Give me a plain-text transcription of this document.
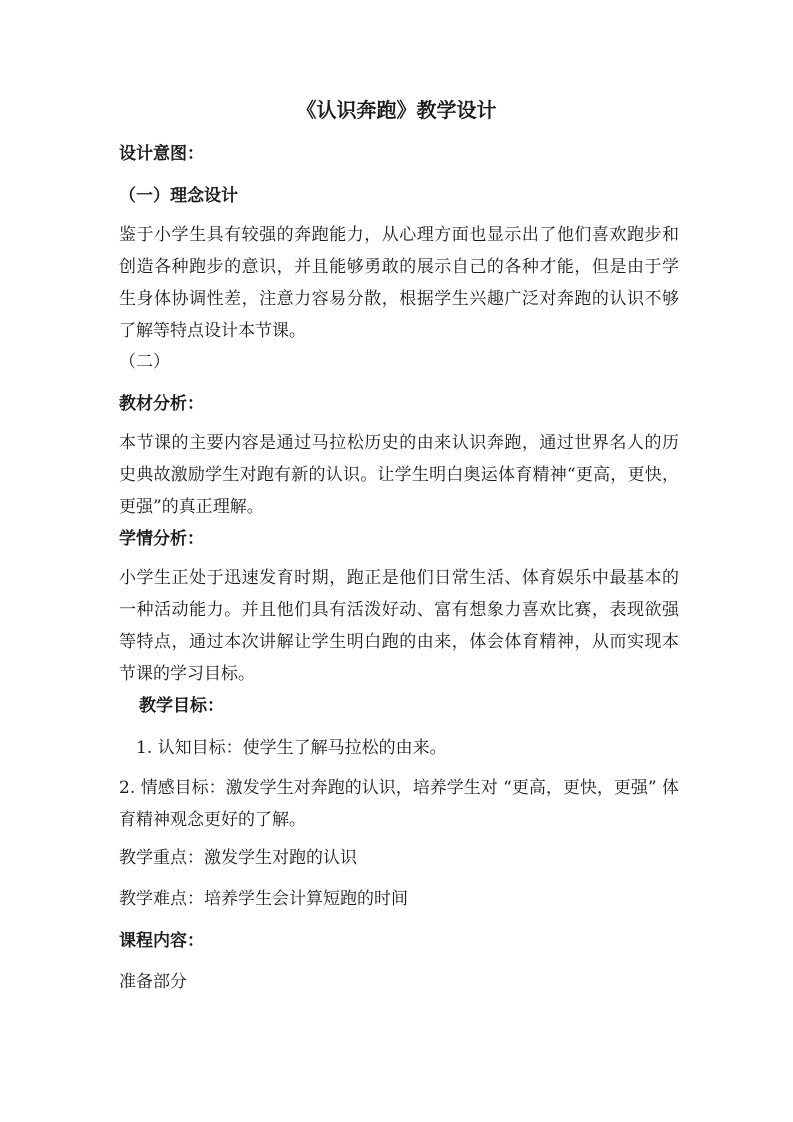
《认识奔跑》教学设计
设计意图：
（一）理念设计
鉴于小学生具有较强的奔跑能力，从心理方面也显示出了他们喜欢跑步和创造各种跑步的意识，并且能够勇敢的展示自己的各种才能，但是由于学生身体协调性差，注意力容易分散，根据学生兴趣广泛对奔跑的认识不够了解等特点设计本节课。
（二）
教材分析：
本节课的主要内容是通过马拉松历史的由来认识奔跑，通过世界名人的历史典故激励学生对跑有新的认识。让学生明白奥运体育精神“更高，更快，更强”的真正理解。
学情分析：
小学生正处于迅速发育时期，跑正是他们日常生活、体育娱乐中最基本的一种活动能力。并且他们具有活泼好动、富有想象力喜欢比赛，表现欲强等特点，通过本次讲解让学生明白跑的由来，体会体育精神，从而实现本节课的学习目标。
教学目标：
1. 认知目标：使学生了解马拉松的由来。
2. 情感目标：激发学生对奔跑的认识，培养学生对 “更高，更快，更强” 体育精神观念更好的了解。
教学重点：激发学生对跑的认识
教学难点：培养学生会计算短跑的时间
课程内容：
准备部分
